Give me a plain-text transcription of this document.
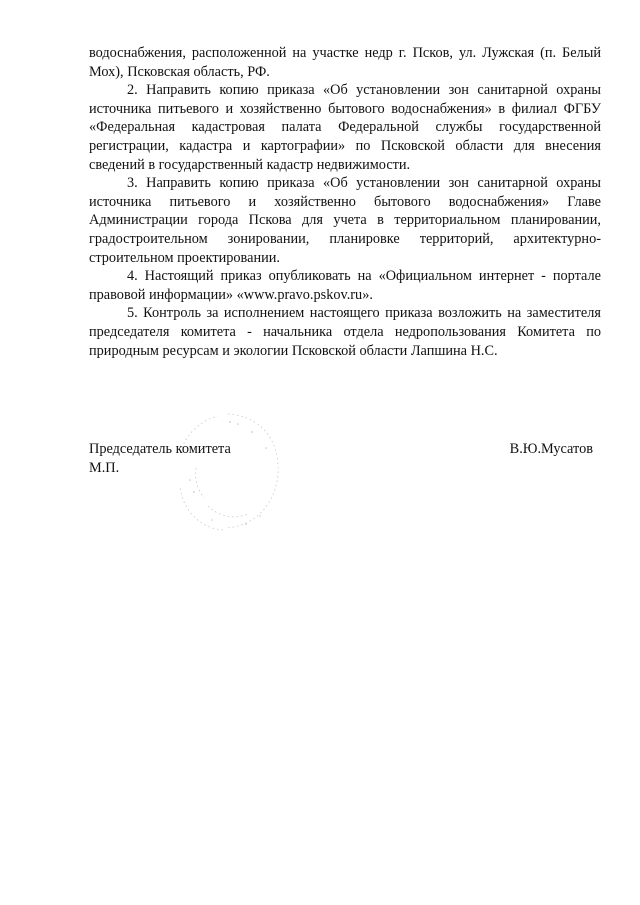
водоснабжения, расположенной на участке недр г. Псков, ул. Лужская (п. Белый Мох), Псковская область, РФ.

2. Направить копию приказа «Об установлении зон санитарной охраны источника питьевого и хозяйственно бытового водоснабжения» в филиал ФГБУ «Федеральная кадастровая палата Федеральной службы государственной регистрации, кадастра и картографии» по Псковской области для внесения сведений в государственный кадастр недвижимости.

3. Направить копию приказа «Об установлении зон санитарной охраны источника питьевого и хозяйственно бытового водоснабжения» Главе Администрации города Пскова для учета в территориальном планировании, градостроительном зонировании, планировке территорий, архитектурно-строительном проектировании.

4. Настоящий приказ опубликовать на «Официальном интернет - портале правовой информации» «www.pravo.pskov.ru».

5. Контроль за исполнением настоящего приказа возложить на заместителя председателя комитета - начальника отдела недропользования Комитета по природным ресурсам и экологии Псковской области Лапшина Н.С.

Председатель комитета

М.П.

В.Ю.Мусатов
